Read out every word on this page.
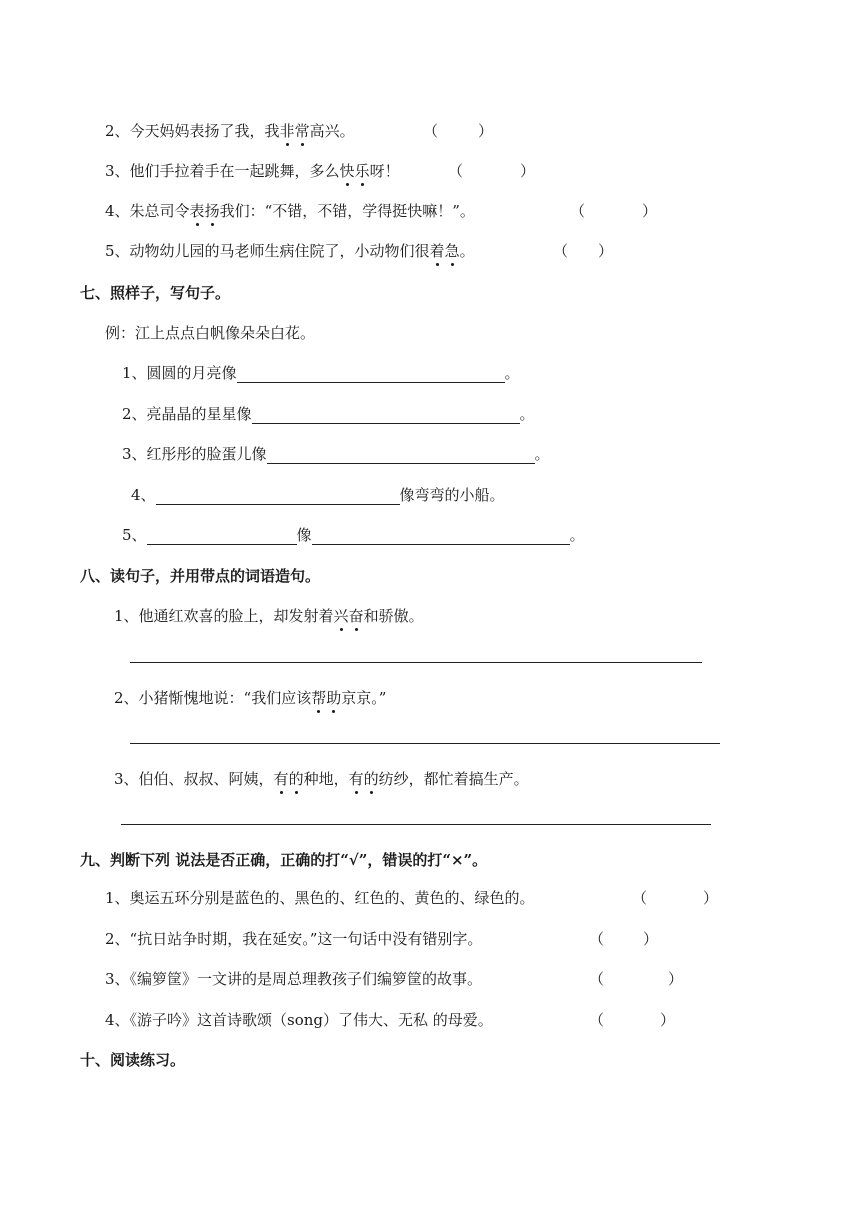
2、今天妈妈表扬了我，我非常高兴。	（	）
3、他们手拉着手在一起跳舞，多么快乐呀！	（	）
4、朱总司令表扬我们：“不错，不错，学得挺快嘛！”。	（	）
5、动物幼儿园的马老师生病住院了，小动物们很着急。	（ ）
七、照样子，写句子。
例：江上点点白帆像朵朵白花。
1、圆圆的月亮像	。
2、亮晶晶的星星像	。
3、红彤彤的脸蛋儿像	。
4、	像弯弯的小船。
5、	像	。
八、读句子，并用带点的词语造句。
1、他通红欢喜的脸上，却发射着兴奋和骄傲。
2、小猪惭愧地说：“我们应该帮助京京。”
3、伯伯、叔叔、阿姨，有的种地，有的纺纱，都忙着搞生产。
九、判断下列 说法是否正确，正确的打“√”，错误的打“×”。
1、奥运五环分别是蓝色的、黑色的、红色的、黄色的、绿色的。	（	）
2、“抗日站争时期，我在延安。”这一句话中没有错别字。	（	）
3、《编箩筐》一文讲的是周总理教孩子们编箩筐的故事。	（	）
4、《游子吟》这首诗歌颂（song）了伟大、无私 的母爱。	（	）
十、阅读练习。
